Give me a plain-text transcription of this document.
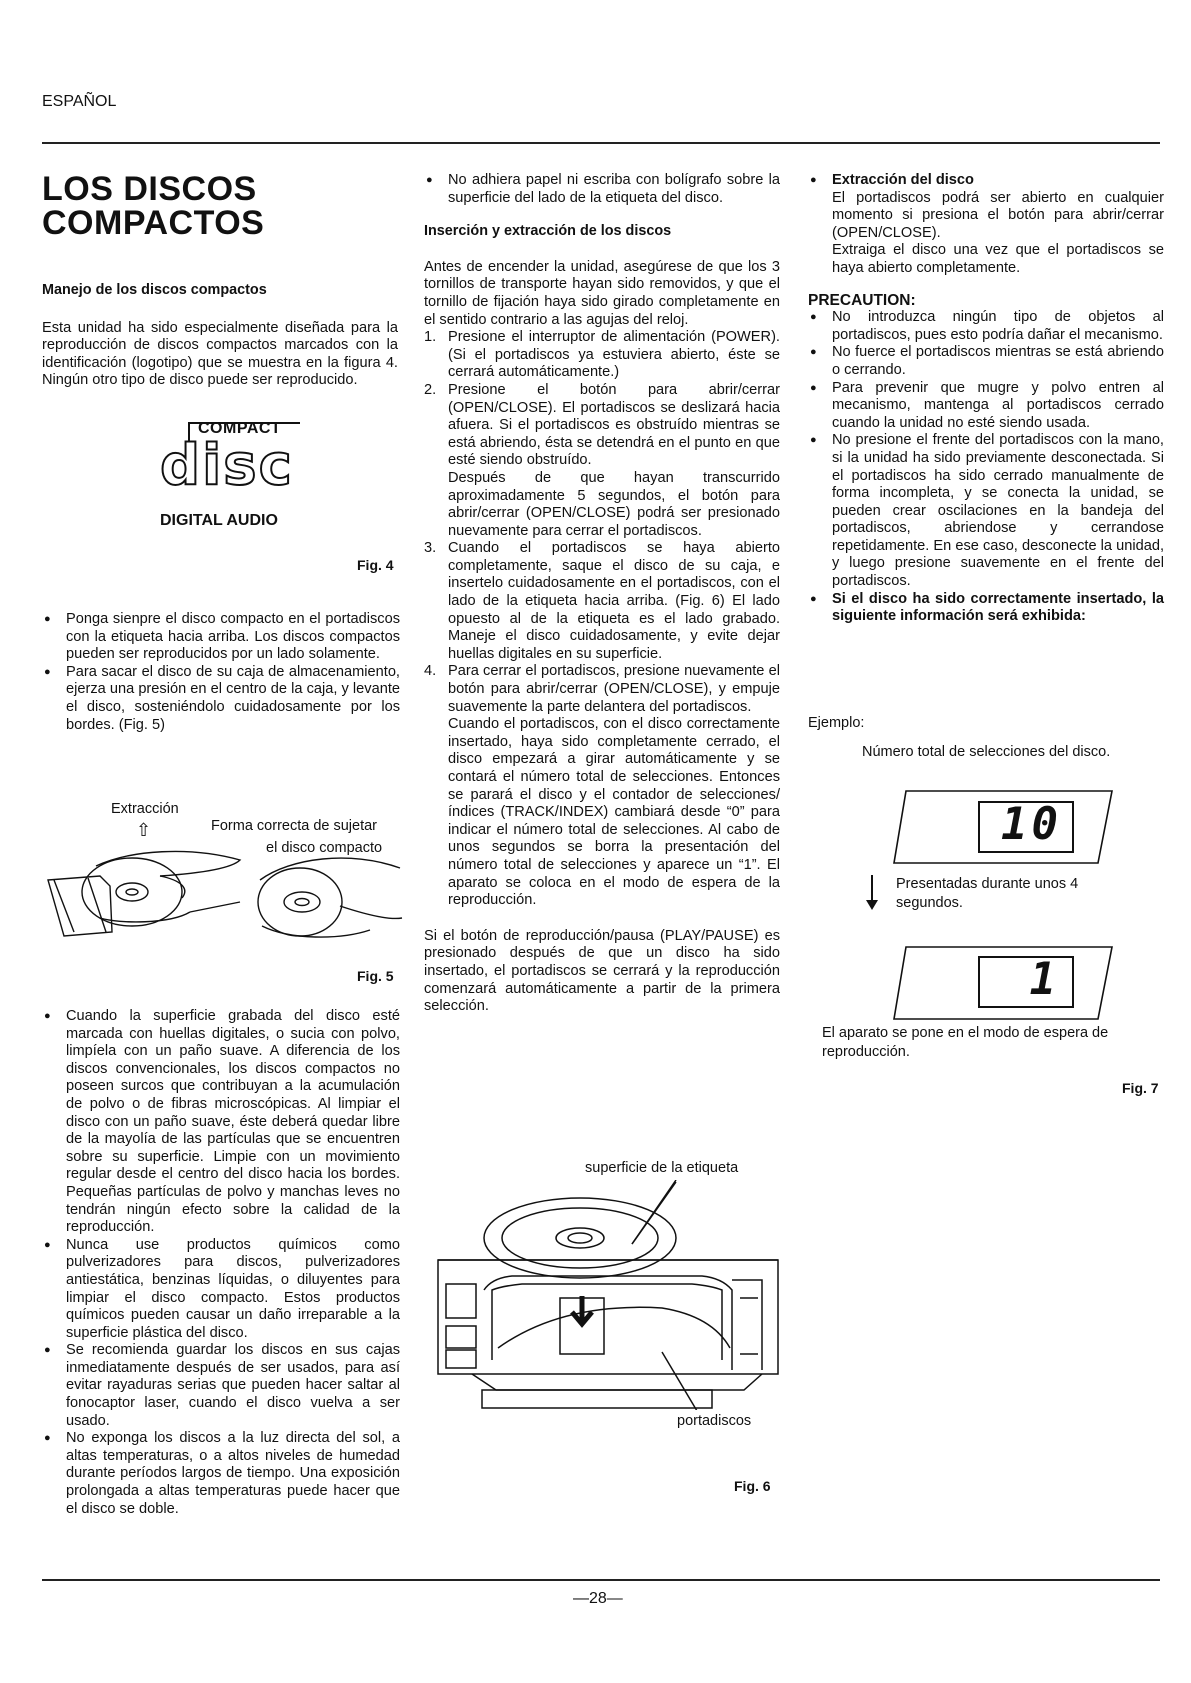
ESPAÑOL
LOS DISCOS
COMPACTOS
Manejo de los discos compactos

Esta unidad ha sido especialmente diseñada para la reproducción de discos compactos marcados con la identificación (logotipo) que se muestra en la figura 4. Ningún otro tipo de disco puede ser reproducido.

COMPACT
disc
DIGITAL AUDIO
Fig. 4
● Ponga sienpre el disco compacto en el portadiscos con la etiqueta hacia arriba. Los discos compactos pueden ser reproducidos por un lado solamente.
● Para sacar el disco de su caja de almacenamiento, ejerza una presión en el centro de la caja, y levante el disco, sosteniéndolo cuidadosamente por los bordes. (Fig. 5)
Extracción
⇧	Forma correcta de sujetar
el disco compacto
Fig. 5
● Cuando la superficie grabada del disco esté marcada con huellas digitales, o sucia con polvo, limpíela con un paño suave. A diferencia de los discos convencionales, los discos compactos no poseen surcos que contribuyan a la acumulación de polvo o de fibras microscópicas. Al limpiar el disco con un paño suave, éste deberá quedar libre de la mayolía de las partículas que se encuentren sobre su superficie. Limpie con un movimiento regular desde el centro del disco hacia los bordes. Pequeñas partículas de polvo y manchas leves no tendrán ningún efecto sobre la calidad de la reproducción.
● Nunca use productos químicos como pulverizadores para discos, pulverizadores antiestática, benzinas líquidas, o diluyentes para limpiar el disco compacto. Estos productos químicos pueden causar un daño irreparable a la superficie plástica del disco.
● Se recomienda guardar los discos en sus cajas inmediatamente después de ser usados, para así evitar rayaduras serias que pueden hacer saltar al fonocaptor laser, cuando el disco vuelva a ser usado.
● No exponga los discos a la luz directa del sol, a altas temperaturas, o a altos niveles de humedad durante períodos largos de tiempo. Una exposición prolongada a altas temperaturas puede hacer que el disco se doble.
● No adhiera papel ni escriba con bolígrafo sobre la superficie del lado de la etiqueta del disco.
Inserción y extracción de los discos

Antes de encender la unidad, asegúrese de que los 3 tornillos de transporte hayan sido removidos, y que el tornillo de fijación haya sido girado completamente en el sentido contrario a las agujas del reloj.

1. Presione el interruptor de alimentación (POWER). (Si el portadiscos ya estuviera abierto, éste se cerrará automáticamente.)
2. Presione el botón para abrir/cerrar (OPEN/CLOSE). El portadiscos se deslizará hacia afuera. Si el portadiscos es obstruído mientras se está abriendo, ésta se detendrá en el punto en que esté siendo obstruído.
Después de que hayan transcurrido aproximadamente 5 segundos, el botón para abrir/cerrar (OPEN/CLOSE) podrá ser presionado nuevamente para cerrar el portadiscos.
3. Cuando el portadiscos se haya abierto completamente, saque el disco de su caja, e insertelo cuidadosamente en el portadiscos, con el lado de la etiqueta hacia arriba. (Fig. 6) El lado opuesto al de la etiqueta es el lado grabado. Maneje el disco cuidadosamente, y evite dejar huellas digitales en su superficie.
4. Para cerrar el portadiscos, presione nuevamente el botón para abrir/cerrar (OPEN/CLOSE), y empuje suavemente la parte delantera del portadiscos.
Cuando el portadiscos, con el disco correctamente insertado, haya sido completamente cerrado, el disco empezará a girar automáticamente y se contará el número total de selecciones. Entonces se parará el disco y el contador de selecciones/índices (TRACK/INDEX) cambiará desde “0” para indicar el número total de selecciones. Al cabo de unos segundos se borra la presentación del número total de selecciones y aparece un “1”. El aparato se coloca en el modo de espera de la reproducción.

Si el botón de reproducción/pausa (PLAY/PAUSE) es presionado después de que un disco ha sido insertado, el portadiscos se cerrará y la reproducción comenzará automáticamente a partir de la primera selección.

superficie de la etiqueta
portadiscos
Fig. 6
● Extracción del disco
El portadiscos podrá ser abierto en cualquier momento si presiona el botón para abrir/cerrar (OPEN/CLOSE).
Extraiga el disco una vez que el portadiscos se haya abierto completamente.
PRECAUTION:
● No introduzca ningún tipo de objetos al portadiscos, pues esto podría dañar el mecanismo.
● No fuerce el portadiscos mientras se está abriendo o cerrando.
● Para prevenir que mugre y polvo entren al mecanismo, mantenga al portadiscos cerrado cuando la unidad no esté siendo usada.
● No presione el frente del portadiscos con la mano, si la unidad ha sido previamente desconectada. Si el portadiscos ha sido cerrado manualmente de forma incompleta, y se conecta la unidad, se pueden crear oscilaciones en la bandeja del portadiscos, abriendose y cerrandose repetidamente. En ese caso, desconecte la unidad, y luego presione suavemente en el frente del portadiscos.
● Si el disco ha sido correctamente insertado, la siguiente información será exhibida:
Ejemplo:
Número total de selecciones del disco.
10
Presentadas durante unos 4
segundos.
1
El aparato se pone en el modo de espera de
reproducción.
Fig. 7
—28—
